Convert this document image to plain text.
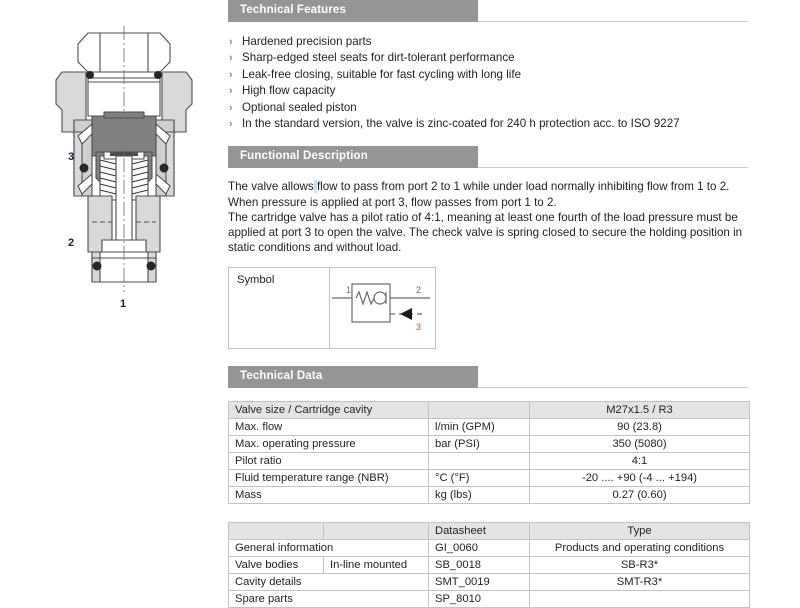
3
2
1
Technical Features
› Hardened precision parts
› Sharp-edged steel seats for dirt-tolerant performance
› Leak-free closing, suitable for fast cycling with long life
› High flow capacity
› Optional sealed piston
› In the standard version, the valve is zinc-coated for 240 h protection acc. to ISO 9227
Functional Description

The valve allows flow to pass from port 2 to 1 while under load normally inhibiting flow from 1 to 2. When pressure is applied at port 3, flow passes from port 1 to 2.

The cartridge valve has a pilot ratio of 4:1, meaning at least one fourth of the load pressure must be applied at port 3 to open the valve. The check valve is spring closed to secure the holding position in static conditions and without load.

Symbol
1	2
3
Technical Data
Valve size / Cartridge cavity		M27x1.5 / R3
Max. flow	l/min (GPM)	90 (23.8)
Max. operating pressure	bar (PSI)	350 (5080)
Pilot ratio		4:1
Fluid temperature range (NBR)	°C (°F)	-20 .... +90 (-4 ... +194)
Mass	kg (lbs)	0.27 (0.60)
		Datasheet	Type
General information		GI_0060	Products and operating conditions
Valve bodies	In-line mounted	SB_0018	SB-R3*
Cavity details		SMT_0019	SMT-R3*
Spare parts		SP_8010	
